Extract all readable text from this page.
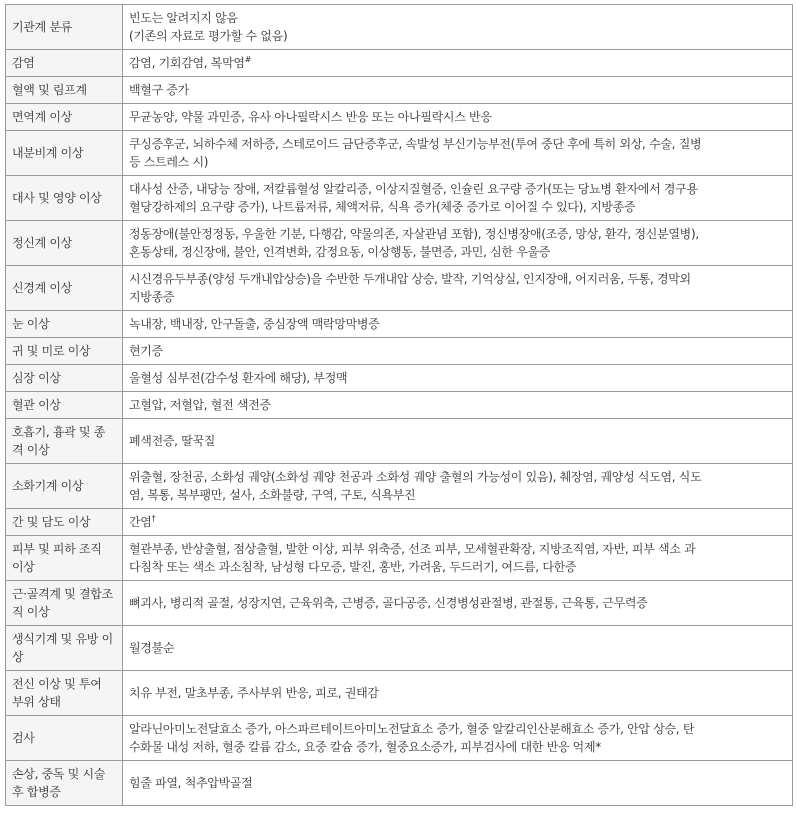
기관계 분류	빈도는 알려지지 않음
(기존의 자료로 평가할 수 없음)

감염	감염, 기회감염, 복막염#

혈액 및 림프계	백혈구 증가

면역계 이상	무균농양, 약물 과민증, 유사 아나필락시스 반응 또는 아나필락시스 반응

내분비계 이상	쿠싱증후군, 뇌하수체 저하증, 스테로이드 금단증후군, 속발성 부신기능부전(투여 중단 후에 특히 외상, 수술, 질병
등 스트레스 시)

대사 및 영양 이상	대사성 산증, 내당능 장애, 저칼륨혈성 알칼리증, 이상지질혈증, 인슐린 요구량 증가(또는 당뇨병 환자에서 경구용
혈당강하제의 요구량 증가), 나트륨저류, 체액저류, 식욕 증가(체중 증가로 이어질 수 있다), 지방종증

정신계 이상	정동장애(불안정정동, 우울한 기분, 다행감, 약물의존, 자살관념 포함), 정신병장애(조증, 망상, 환각, 정신분열병),
혼동상태, 정신장애, 불안, 인격변화, 감정요동, 이상행동, 불면증, 과민, 심한 우울증

신경계 이상	시신경유두부종(양성 두개내압상승)을 수반한 두개내압 상승, 발작, 기억상실, 인지장애, 어지러움, 두통, 경막외
지방종증

눈 이상	녹내장, 백내장, 안구돌출, 중심장액 맥락망막병증

귀 및 미로 이상	현기증

심장 이상	울혈성 심부전(감수성 환자에 해당), 부정맥

혈관 이상	고혈압, 저혈압, 혈전 색전증

호흡기, 흉곽 및 종격 이상	폐색전증, 딸꾹질

소화기계 이상	위출혈, 장천공, 소화성 궤양(소화성 궤양 천공과 소화성 궤양 출혈의 가능성이 있음), 췌장염, 궤양성 식도염, 식도
염, 복통, 복부팽만, 설사, 소화불량, 구역, 구토, 식욕부진

간 및 담도 이상	간염†

피부 및 피하 조직 이상	혈관부종, 반상출혈, 점상출혈, 발한 이상, 피부 위축증, 선조 피부, 모세혈관확장, 지방조직염, 자반, 피부 색소 과
다침착 또는 색소 과소침착, 남성형 다모증, 발진, 홍반, 가려움, 두드러기, 여드름, 다한증

근·골격계 및 결합조직 이상	뼈괴사, 병리적 골절, 성장지연, 근육위축, 근병증, 골다공증, 신경병성관절병, 관절통, 근육통, 근무력증

생식기계 및 유방 이상	월경불순

전신 이상 및 투여 부위 상태	치유 부전, 말초부종, 주사부위 반응, 피로, 권태감

검사	알라닌아미노전달효소 증가, 아스파르테이트아미노전달효소 증가, 혈중 알칼리인산분해효소 증가, 안압 상승, 탄
수화물 내성 저하, 혈중 칼륨 감소, 요중 칼슘 증가, 혈중요소증가, 피부검사에 대한 반응 억제*

손상, 중독 및 시술 후 합병증	힘줄 파열, 척추압박골절
